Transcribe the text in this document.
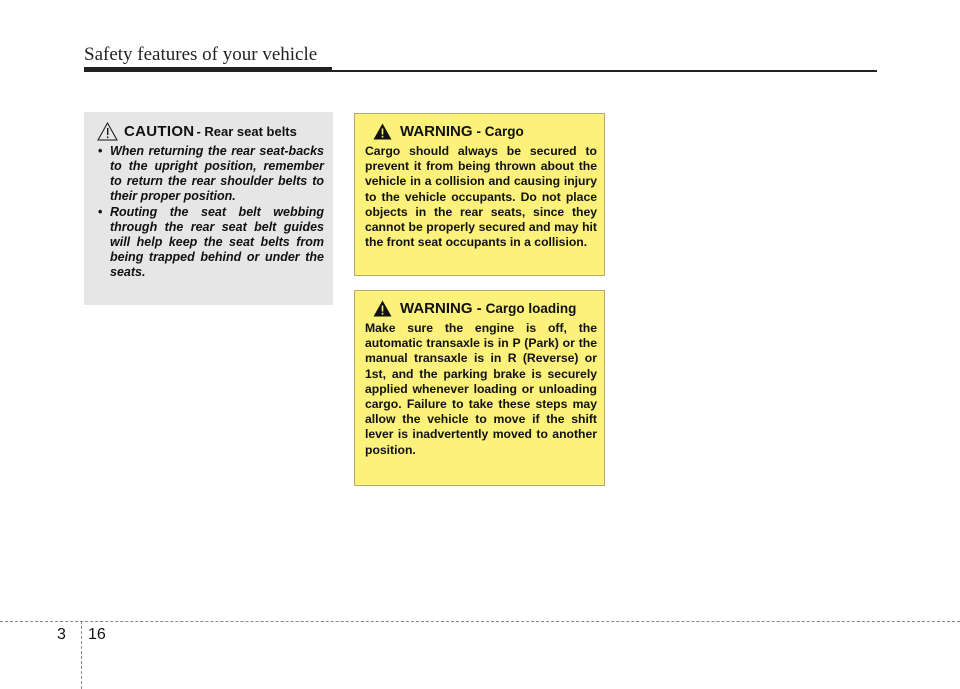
Safety features of your vehicle
CAUTION - Rear seat belts
• When returning the rear seat-backs to the upright position, remember to return the rear shoulder belts to their proper position.
• Routing the seat belt webbing through the rear seat belt guides will help keep the seat belts from being trapped behind or under the seats.
WARNING - Cargo

Cargo should always be secured to prevent it from being thrown about the vehicle in a collision and causing injury to the vehicle occupants. Do not place objects in the rear seats, since they cannot be properly secured and may hit the front seat occupants in a collision.

WARNING - Cargo loading

Make sure the engine is off, the automatic transaxle is in P (Park) or the manual transaxle is in R (Reverse) or 1st, and the parking brake is securely applied whenever loading or unloading cargo. Failure to take these steps may allow the vehicle to move if the shift lever is inadvertently moved to another position.

3 16
